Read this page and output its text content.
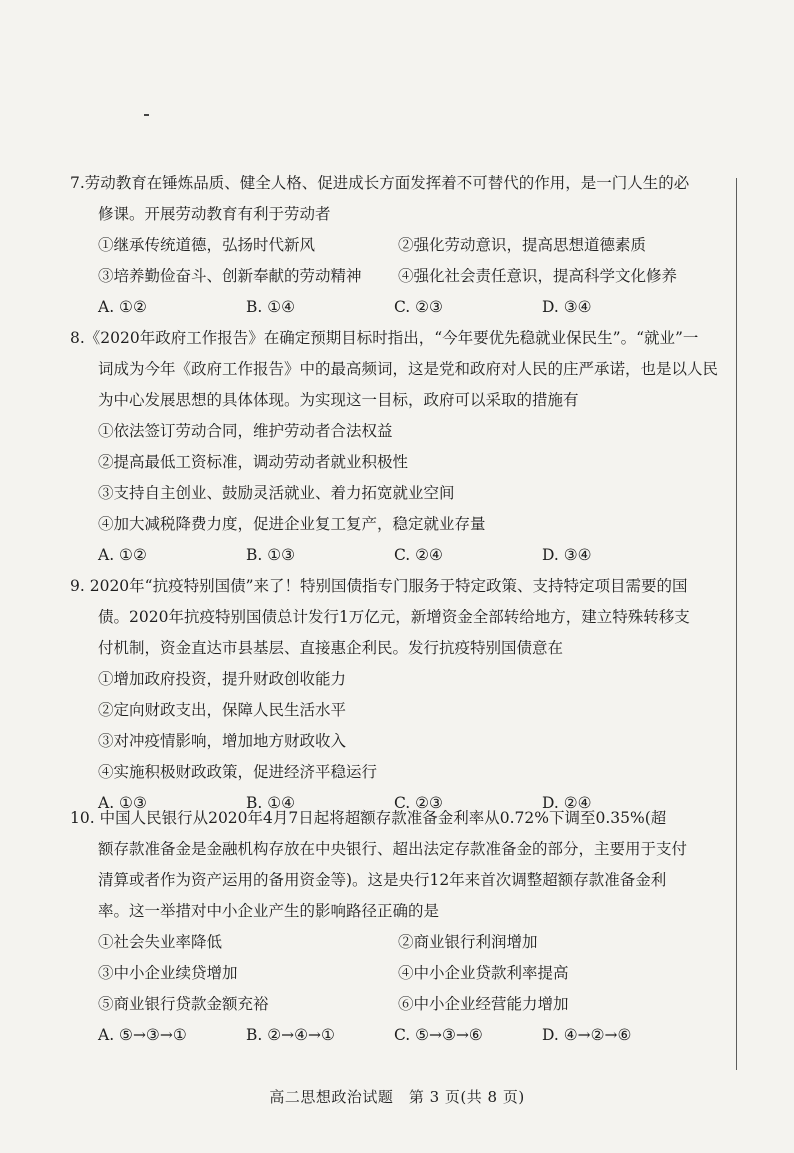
7.劳动教育在锤炼品质、健全人格、促进成长方面发挥着不可替代的作用，是一门人生的必
修课。开展劳动教育有利于劳动者
①继承传统道德，弘扬时代新风	②强化劳动意识，提高思想道德素质
③培养勤俭奋斗、创新奉献的劳动精神	④强化社会责任意识，提高科学文化修养
A. ①②	B. ①④	C. ②③	D. ③④
8.《2020年政府工作报告》在确定预期目标时指出，“今年要优先稳就业保民生”。“就业”一
词成为今年《政府工作报告》中的最高频词，这是党和政府对人民的庄严承诺，也是以人民
为中心发展思想的具体体现。为实现这一目标，政府可以采取的措施有
①依法签订劳动合同，维护劳动者合法权益
②提高最低工资标准，调动劳动者就业积极性
③支持自主创业、鼓励灵活就业、着力拓宽就业空间
④加大减税降费力度，促进企业复工复产，稳定就业存量
A. ①②	B. ①③	C. ②④	D. ③④
9. 2020年“抗疫特别国债”来了！特别国债指专门服务于特定政策、支持特定项目需要的国
债。2020年抗疫特别国债总计发行1万亿元，新增资金全部转给地方，建立特殊转移支
付机制，资金直达市县基层、直接惠企利民。发行抗疫特别国债意在
①增加政府投资，提升财政创收能力
②定向财政支出，保障人民生活水平
③对冲疫情影响，增加地方财政收入
④实施积极财政政策，促进经济平稳运行
A. ①③	B. ①④	C. ②③	D. ②④
10. 中国人民银行从2020年4月7日起将超额存款准备金利率从0.72%下调至0.35%(超
额存款准备金是金融机构存放在中央银行、超出法定存款准备金的部分，主要用于支付
清算或者作为资产运用的备用资金等)。这是央行12年来首次调整超额存款准备金利
率。这一举措对中小企业产生的影响路径正确的是
①社会失业率降低	②商业银行利润增加
③中小企业续贷增加	④中小企业贷款利率提高
⑤商业银行贷款金额充裕	⑥中小企业经营能力增加
A. ⑤→③→①	B. ②→④→①	C. ⑤→③→⑥	D. ④→②→⑥
高二思想政治试题　第 3 页(共 8 页)
